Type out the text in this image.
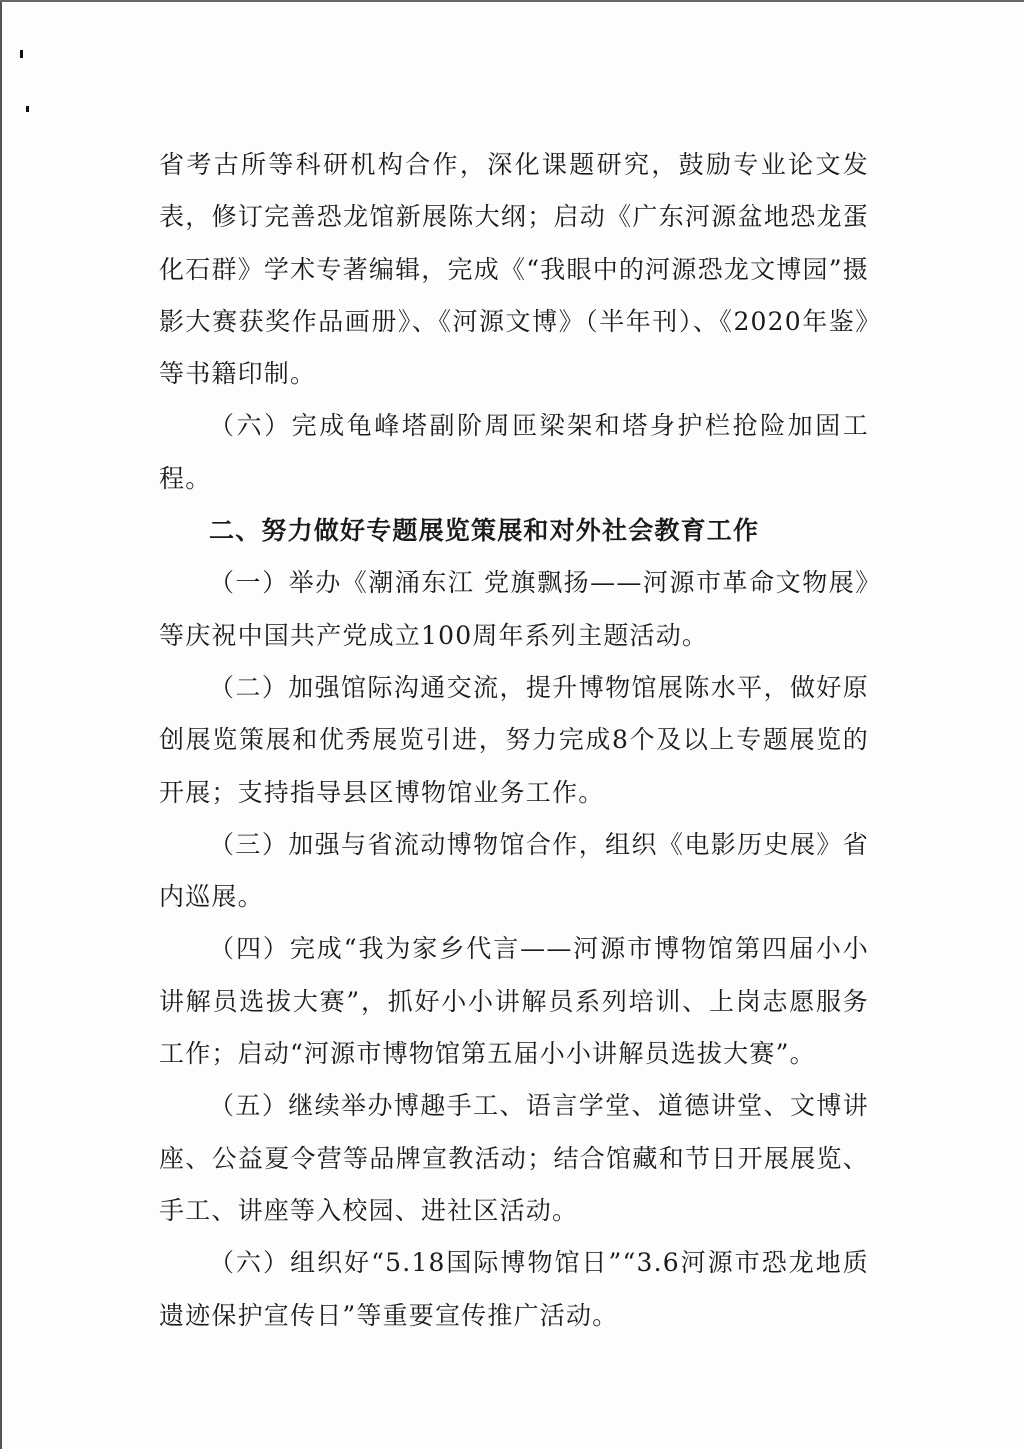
省考古所等科研机构合作，深化课题研究，鼓励专业论文发表，修订完善恐龙馆新展陈大纲；启动《广东河源盆地恐龙蛋化石群》学术专著编辑，完成《“我眼中的河源恐龙文博园”摄影大赛获奖作品画册》、《河源文博》（半年刊）、《2020年鉴》等书籍印制。

（六）完成龟峰塔副阶周匝梁架和塔身护栏抢险加固工程。

二、努力做好专题展览策展和对外社会教育工作

（一）举办《潮涌东江 党旗飘扬——河源市革命文物展》等庆祝中国共产党成立100周年系列主题活动。

（二）加强馆际沟通交流，提升博物馆展陈水平，做好原创展览策展和优秀展览引进，努力完成8个及以上专题展览的开展；支持指导县区博物馆业务工作。

（三）加强与省流动博物馆合作，组织《电影历史展》省内巡展。

（四）完成“我为家乡代言——河源市博物馆第四届小小讲解员选拔大赛”，抓好小小讲解员系列培训、上岗志愿服务工作；启动“河源市博物馆第五届小小讲解员选拔大赛”。

（五）继续举办博趣手工、语言学堂、道德讲堂、文博讲座、公益夏令营等品牌宣教活动；结合馆藏和节日开展展览、手工、讲座等入校园、进社区活动。

（六）组织好“5.18国际博物馆日”“3.6河源市恐龙地质遗迹保护宣传日”等重要宣传推广活动。
